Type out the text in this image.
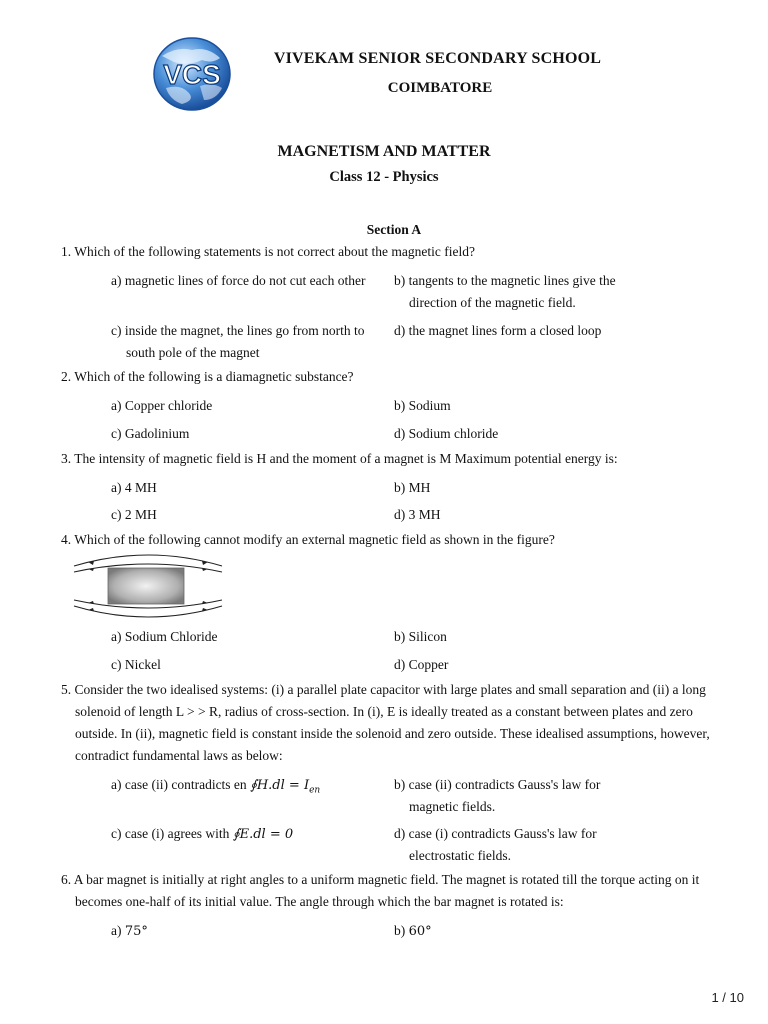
VCS
VIVEKAM SENIOR SECONDARY SCHOOL
COIMBATORE
MAGNETISM AND MATTER
Class 12 - Physics
Section A
1. Which of the following statements is not correct about the magnetic field?
a) magnetic lines of force do not cut each other	b) tangents to the magnetic lines give the
direction of the magnetic field.
c) inside the magnet, the lines go from north to
south pole of the magnet
d) the magnet lines form a closed loop
2. Which of the following is a diamagnetic substance?
a) Copper chloride	b) Sodium
c) Gadolinium	d) Sodium chloride
3. The intensity of magnetic field is H and the moment of a magnet is M Maximum potential energy is:
a) 4 MH	b) MH
c) 2 MH	d) 3 MH
4. Which of the following cannot modify an external magnetic field as shown in the figure?
a) Sodium Chloride	b) Silicon
c) Nickel	d) Copper
5. Consider the two idealised systems: (i) a parallel plate capacitor with large plates and small separation and (ii) a long
solenoid of length L > > R, radius of cross-section. In (i), E is ideally treated as a constant between plates and zero
outside. In (ii), magnetic field is constant inside the solenoid and zero outside. These idealised assumptions, however,
contradict fundamental laws as below:
a) case (ii) contradicts en ∮H.dl = $I_{en}$	b) case (ii) contradicts Gauss's law for
magnetic fields.
c) case (i) agrees with ∮E.dl = 0	d) case (i) contradicts Gauss's law for
electrostatic fields.
6. A bar magnet is initially at right angles to a uniform magnetic field. The magnet is rotated till the torque acting on it
becomes one-half of its initial value. The angle through which the bar magnet is rotated is:
a) 75°	b) 60°
1 / 10
